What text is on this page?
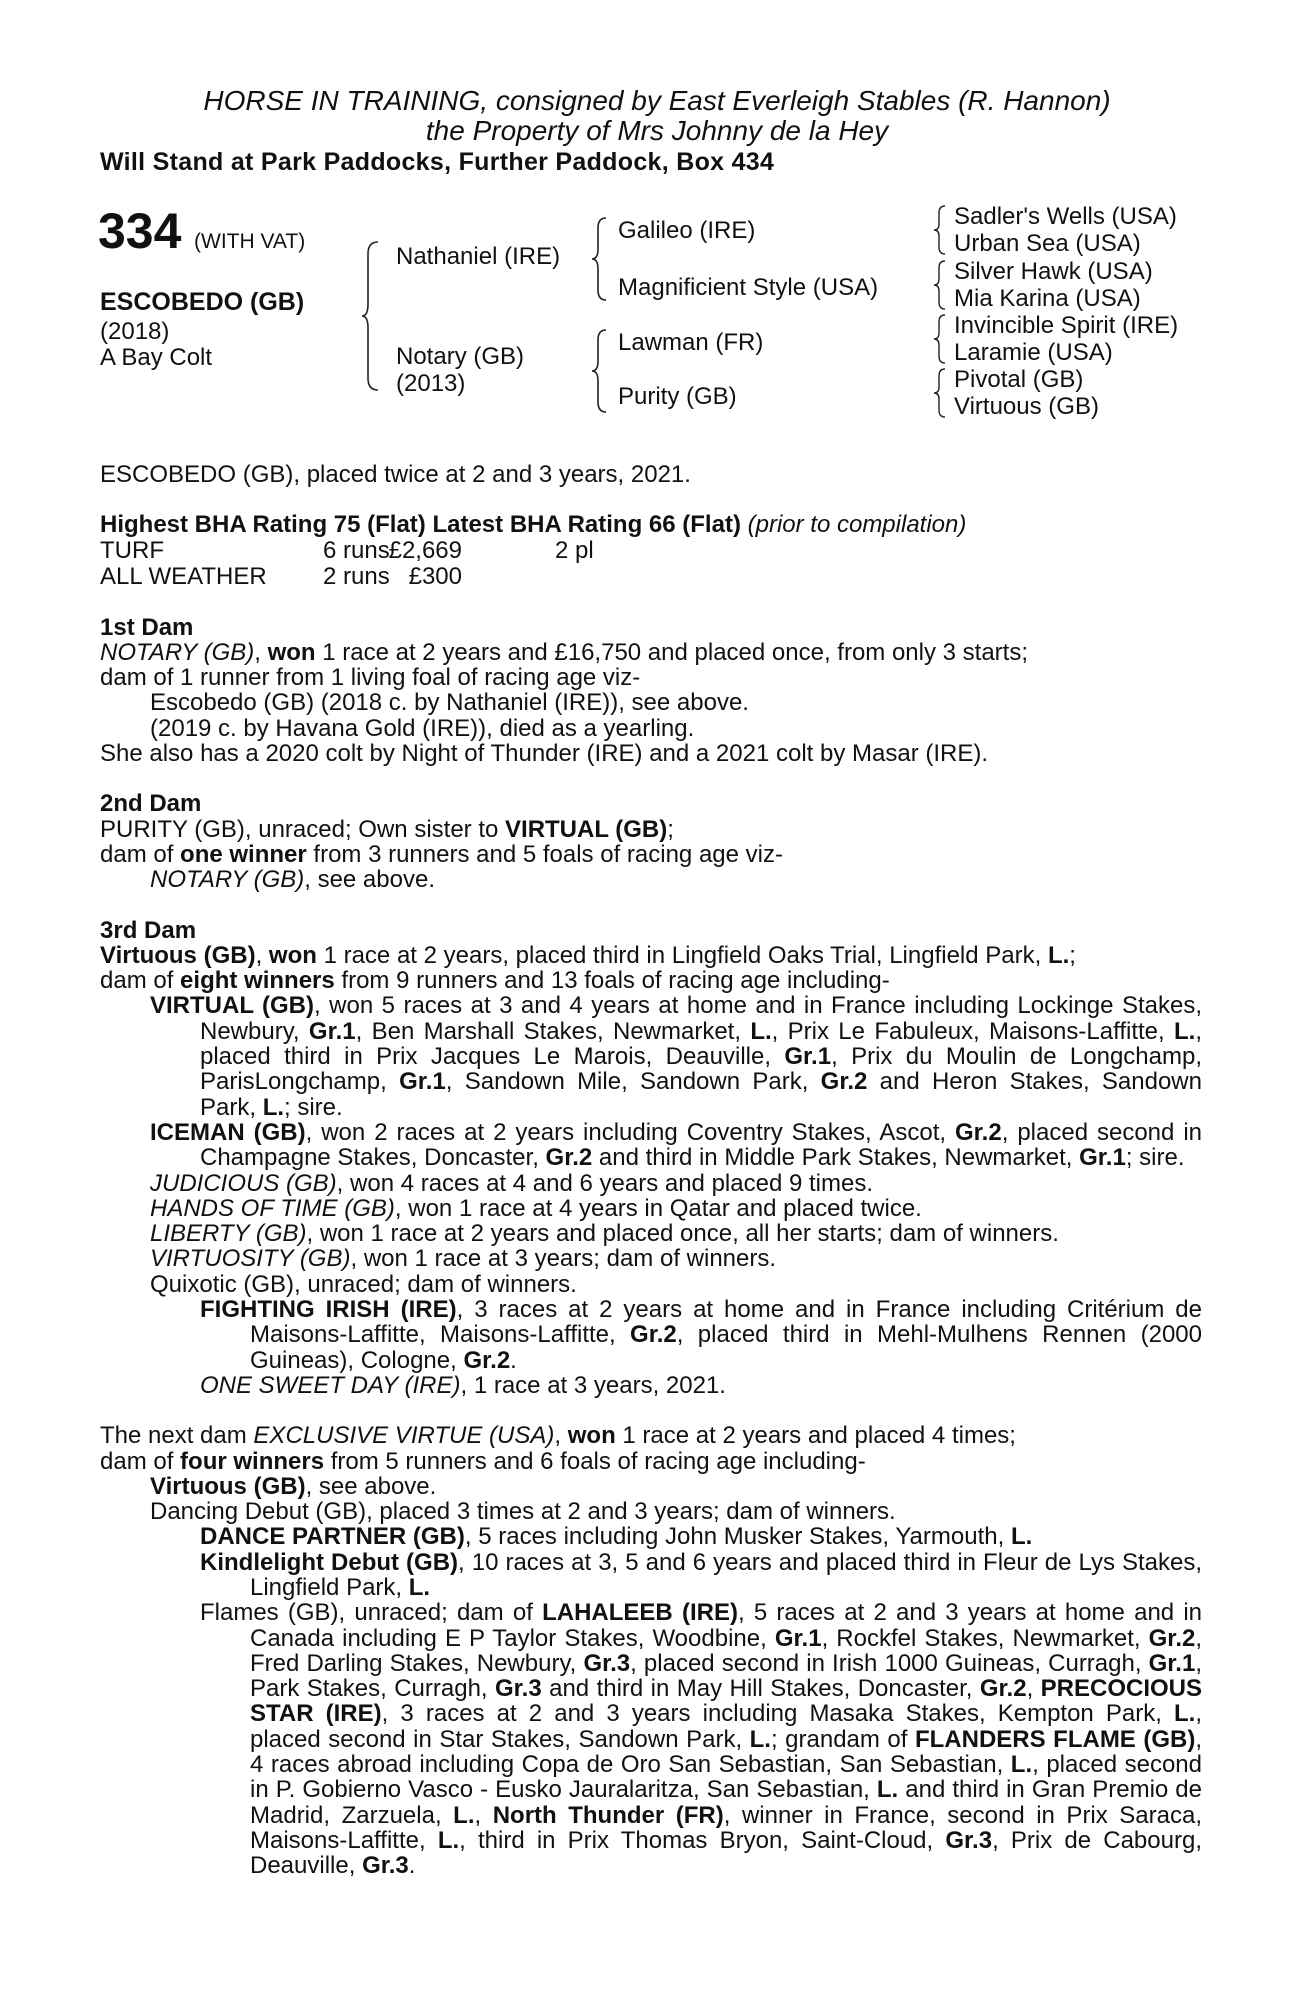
HORSE IN TRAINING, consigned by East Everleigh Stables (R. Hannon)
the Property of Mrs Johnny de la Hey
Will Stand at Park Paddocks, Further Paddock, Box 434
334 (WITH VAT)
ESCOBEDO (GB)
(2018)
A Bay Colt
Nathaniel (IRE)
Notary (GB)
(2013)
Galileo (IRE)
Magnificient Style (USA)
Lawman (FR)
Purity (GB)
Sadler's Wells (USA)
Urban Sea (USA)
Silver Hawk (USA)
Mia Karina (USA)
Invincible Spirit (IRE)
Laramie (USA)
Pivotal (GB)
Virtuous (GB)

ESCOBEDO (GB), placed twice at 2 and 3 years, 2021.

Highest BHA Rating 75 (Flat) Latest BHA Rating 66 (Flat) (prior to compilation)

TURF	6 runs	2 pl
£2,669
ALL WEATHER 2 runs £300

1st Dam

NOTARY (GB), won 1 race at 2 years and £16,750 and placed once, from only 3 starts;

dam of 1 runner from 1 living foal of racing age viz-

Escobedo (GB) (2018 c. by Nathaniel (IRE)), see above.

(2019 c. by Havana Gold (IRE)), died as a yearling.

She also has a 2020 colt by Night of Thunder (IRE) and a 2021 colt by Masar (IRE).

2nd Dam

PURITY (GB), unraced; Own sister to VIRTUAL (GB);

dam of one winner from 3 runners and 5 foals of racing age viz-

NOTARY (GB), see above.

3rd Dam

Virtuous (GB), won 1 race at 2 years, placed third in Lingfield Oaks Trial, Lingfield Park, L.;

dam of eight winners from 9 runners and 13 foals of racing age including-

VIRTUAL (GB), won 5 races at 3 and 4 years at home and in France including Lockinge Stakes, Newbury, Gr.1, Ben Marshall Stakes, Newmarket, L., Prix Le Fabuleux, Maisons-Laffitte, L., placed third in Prix Jacques Le Marois, Deauville, Gr.1, Prix du Moulin de Longchamp, ParisLongchamp, Gr.1, Sandown Mile, Sandown Park, Gr.2 and Heron Stakes, Sandown Park, L.; sire.

ICEMAN (GB), won 2 races at 2 years including Coventry Stakes, Ascot, Gr.2, placed second in Champagne Stakes, Doncaster, Gr.2 and third in Middle Park Stakes, Newmarket, Gr.1; sire.

JUDICIOUS (GB), won 4 races at 4 and 6 years and placed 9 times.

HANDS OF TIME (GB), won 1 race at 4 years in Qatar and placed twice.

LIBERTY (GB), won 1 race at 2 years and placed once, all her starts; dam of winners.

VIRTUOSITY (GB), won 1 race at 3 years; dam of winners.

Quixotic (GB), unraced; dam of winners.

FIGHTING IRISH (IRE), 3 races at 2 years at home and in France including Critérium de Maisons-Laffitte, Maisons-Laffitte, Gr.2, placed third in Mehl-Mulhens Rennen (2000 Guineas), Cologne, Gr.2.

ONE SWEET DAY (IRE), 1 race at 3 years, 2021.

The next dam EXCLUSIVE VIRTUE (USA), won 1 race at 2 years and placed 4 times;

dam of four winners from 5 runners and 6 foals of racing age including-

Virtuous (GB), see above.

Dancing Debut (GB), placed 3 times at 2 and 3 years; dam of winners.

DANCE PARTNER (GB), 5 races including John Musker Stakes, Yarmouth, L.

Kindlelight Debut (GB), 10 races at 3, 5 and 6 years and placed third in Fleur de Lys Stakes, Lingfield Park, L.

Flames (GB), unraced; dam of LAHALEEB (IRE), 5 races at 2 and 3 years at home and in Canada including E P Taylor Stakes, Woodbine, Gr.1, Rockfel Stakes, Newmarket, Gr.2, Fred Darling Stakes, Newbury, Gr.3, placed second in Irish 1000 Guineas, Curragh, Gr.1, Park Stakes, Curragh, Gr.3 and third in May Hill Stakes, Doncaster, Gr.2, PRECOCIOUS STAR (IRE), 3 races at 2 and 3 years including Masaka Stakes, Kempton Park, L., placed second in Star Stakes, Sandown Park, L.; grandam of FLANDERS FLAME (GB), 4 races abroad including Copa de Oro San Sebastian, San Sebastian, L., placed second in P. Gobierno Vasco - Eusko Jauralaritza, San Sebastian, L. and third in Gran Premio de Madrid, Zarzuela, L., North Thunder (FR), winner in France, second in Prix Saraca, Maisons-Laffitte, L., third in Prix Thomas Bryon, Saint-Cloud, Gr.3, Prix de Cabourg, Deauville, Gr.3.
